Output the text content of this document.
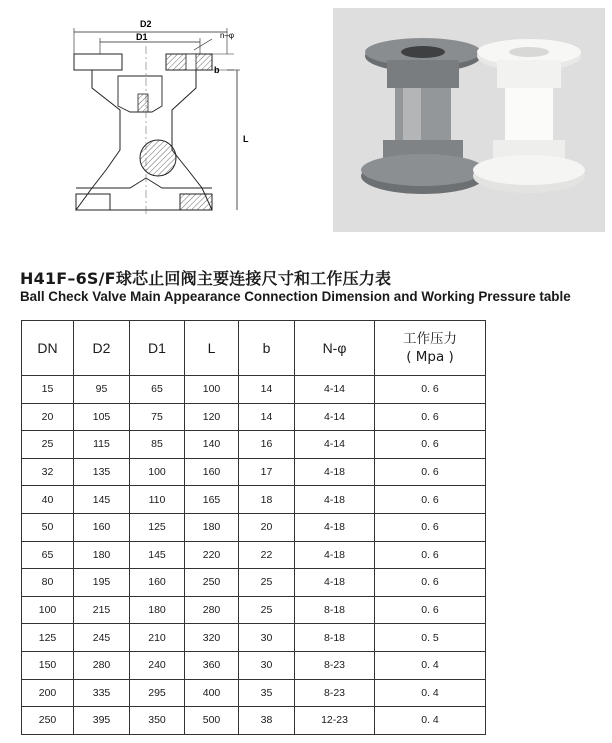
D2
D1	n–φ
b
L
H41F–6S/F球芯止回阀主要连接尺寸和工作压力表
Ball Check Valve Main Appearance Connection Dimension and Working Pressure table
DN	D2	D1	L	b	N-φ	工作压力
( Mpa )

15	95	65	100	14	4-14	0. 6
20	105	75	120	14	4-14	0. 6
25	115	85	140	16	4-14	0. 6
32	135	100	160	17	4-18	0. 6
40	145	110	165	18	4-18	0. 6
50	160	125	180	20	4-18	0. 6
65	180	145	220	22	4-18	0. 6
80	195	160	250	25	4-18	0. 6
100	215	180	280	25	8-18	0. 6
125	245	210	320	30	8-18	0. 5
150	280	240	360	30	8-23	0. 4
200	335	295	400	35	8-23	0. 4
250	395	350	500	38	12-23	0. 4
